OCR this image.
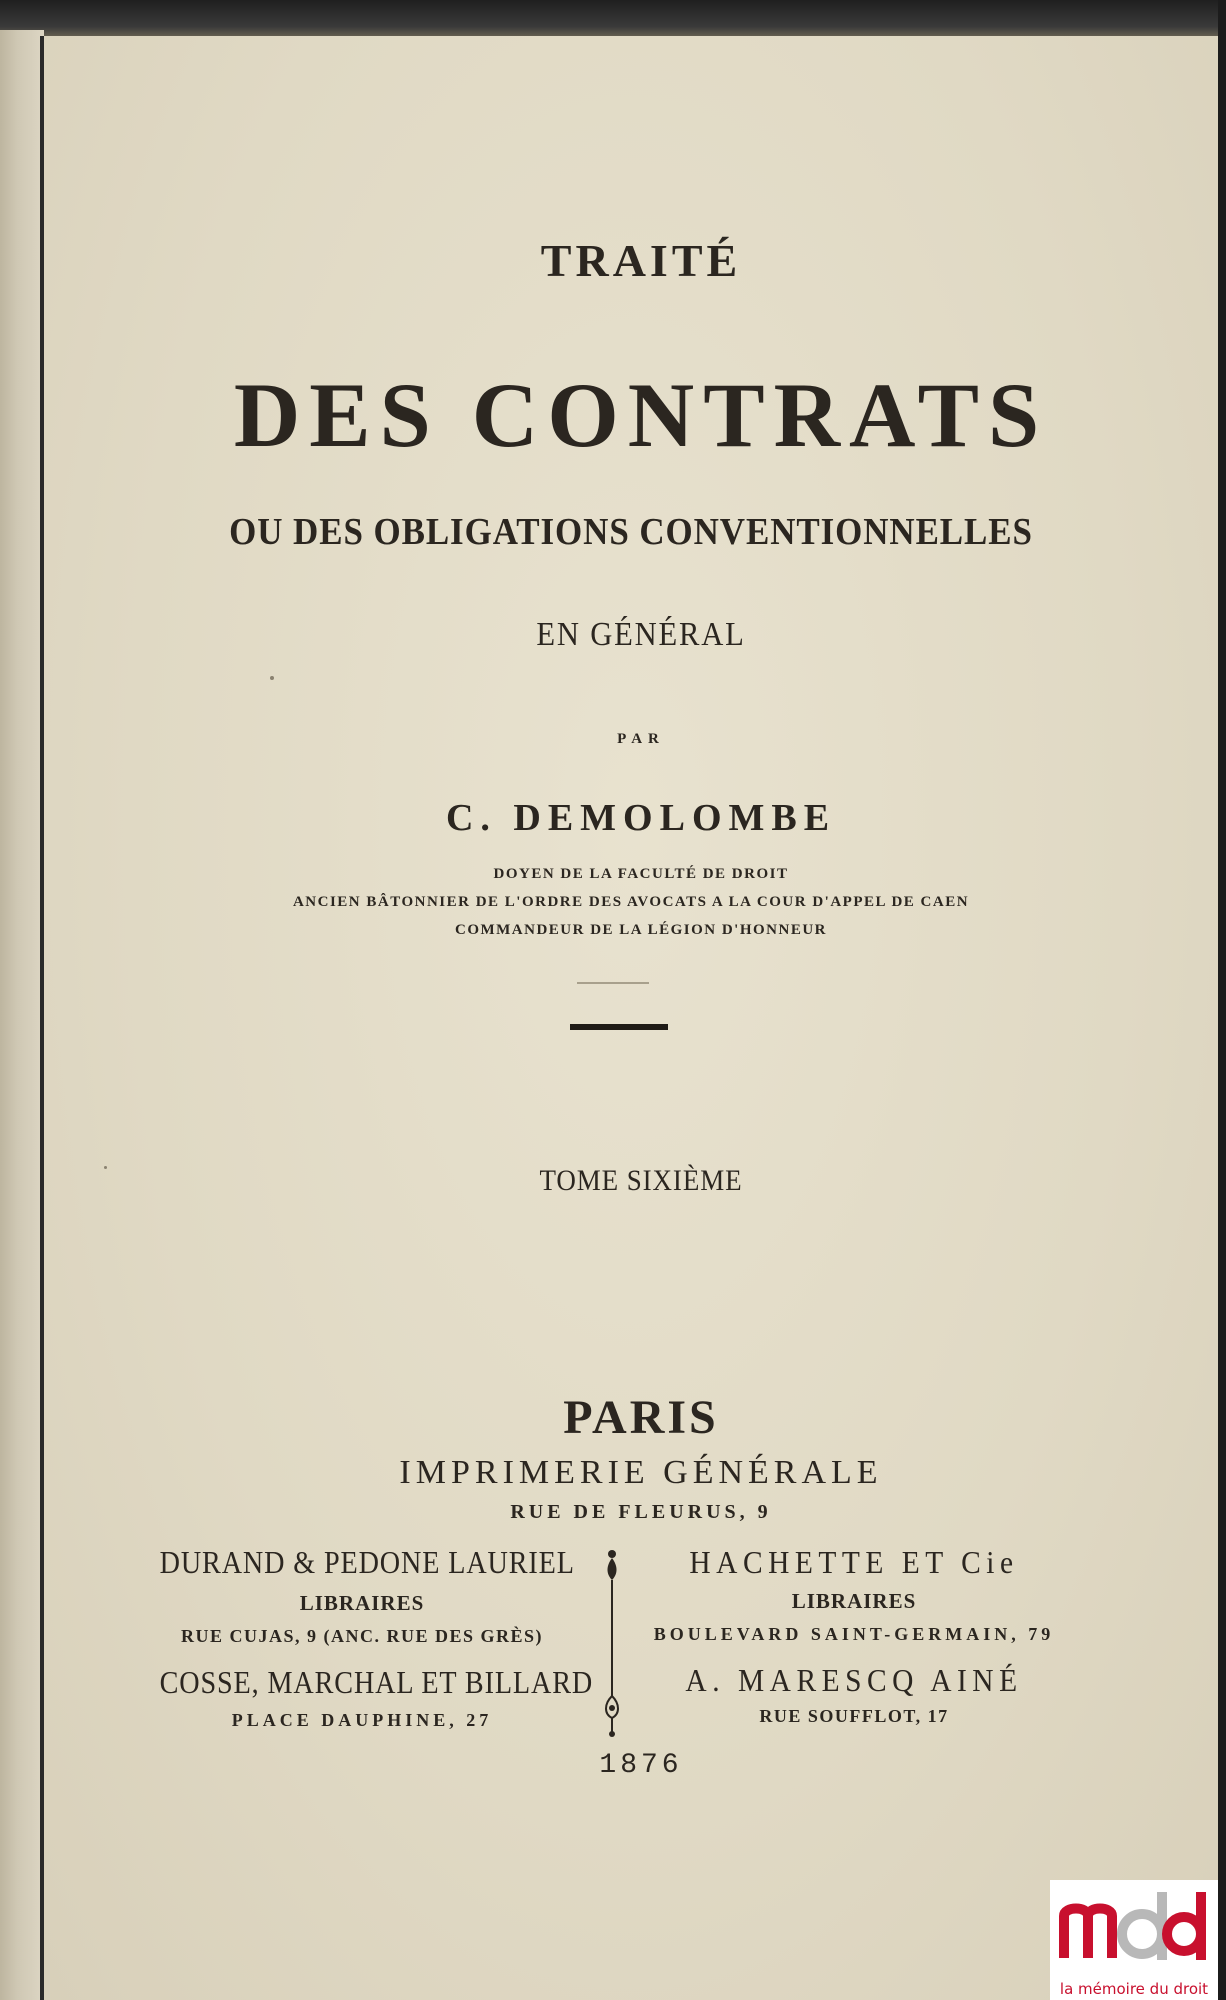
TRAITÉ
DES CONTRATS
OU DES OBLIGATIONS CONVENTIONNELLES
EN GÉNÉRAL
PAR
C. DEMOLOMBE
DOYEN DE LA FACULTÉ DE DROIT
ANCIEN BÂTONNIER DE L'ORDRE DES AVOCATS A LA COUR D'APPEL DE CAEN
COMMANDEUR DE LA LÉGION D'HONNEUR
TOME SIXIÈME
PARIS
IMPRIMERIE GÉNÉRALE
RUE DE FLEURUS, 9
DURAND & PEDONE LAURIEL
LIBRAIRES
RUE CUJAS, 9 (ANC. RUE DES GRÈS)
COSSE, MARCHAL ET BILLARD
PLACE DAUPHINE, 27
HACHETTE ET Cie
LIBRAIRES
BOULEVARD SAINT-GERMAIN, 79
A. MARESCQ AINÉ
RUE SOUFFLOT, 17
1876
la mémoire du droit
